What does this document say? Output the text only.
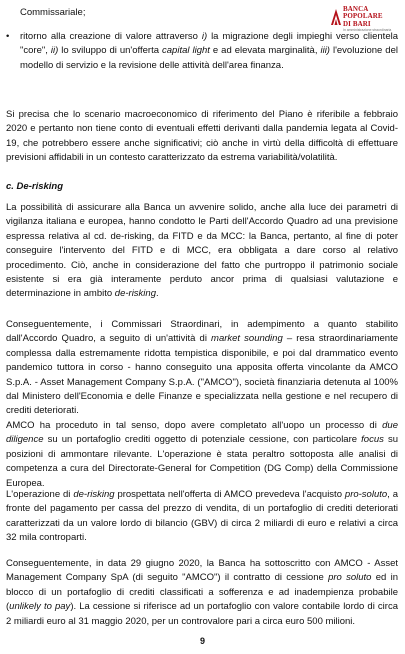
BANCA
POPOLARE
DI BARI
In amministrazione straordinaria
Commissariale;
• ritorno alla creazione di valore attraverso i) la migrazione degli impieghi verso clientela "core", ii) lo sviluppo di un'offerta capital light e ad elevata marginalità, iii) l'evoluzione del modello di servizio e la revisione delle attività dell'area finanza.

Si precisa che lo scenario macroeconomico di riferimento del Piano è riferibile a febbraio 2020 e pertanto non tiene conto di eventuali effetti derivanti dalla pandemia legata al Covid-19, che potrebbero essere anche significativi; ciò anche in virtù della difficoltà di effettuare previsioni affidabili in un contesto caratterizzato da estrema variabilità/volatilità.

c. De-risking

La possibilità di assicurare alla Banca un avvenire solido, anche alla luce dei parametri di vigilanza italiana e europea, hanno condotto le Parti dell'Accordo Quadro ad una previsione espressa relativa al cd. de-risking, da FITD e da MCC: la Banca, pertanto, al fine di poter conseguire l'intervento del FITD e di MCC, era obbligata a dare corso al relativo procedimento. Ciò, anche in considerazione del fatto che purtroppo il patrimonio sociale esistente si era già interamente perduto ancor prima di qualsiasi valutazione e determinazione in ambito de-risking.

Conseguentemente, i Commissari Straordinari, in adempimento a quanto stabilito dall'Accordo Quadro, a seguito di un'attività di market sounding – resa straordinariamente complessa dalla estremamente ridotta tempistica disponibile, e poi dal drammatico evento pandemico tuttora in corso - hanno conseguito una apposita offerta vincolante da AMCO S.p.A. - Asset Management Company S.p.A. ("AMCO"), società finanziaria detenuta al 100% dal Ministero dell'Economia e delle Finanze e specializzata nella gestione e nel recupero di crediti deteriorati.

AMCO ha proceduto in tal senso, dopo avere completato all'uopo un processo di due diligence su un portafoglio crediti oggetto di potenziale cessione, con particolare focus su posizioni di ammontare rilevante. L'operazione è stata peraltro sottoposta alle analisi di competenza a cura del Directorate-General for Competition (DG Comp) della Commissione Europea.

L'operazione di de-risking prospettata nell'offerta di AMCO prevedeva l'acquisto pro-soluto, a fronte del pagamento per cassa del prezzo di vendita, di un portafoglio di crediti deteriorati caratterizzati da un valore lordo di bilancio (GBV) di circa 2 miliardi di euro e relativi a circa 32 mila controparti.

Conseguentemente, in data 29 giugno 2020, la Banca ha sottoscritto con AMCO - Asset Management Company SpA (di seguito "AMCO") il contratto di cessione pro soluto ed in blocco di un portafoglio di crediti classificati a sofferenza e ad inadempienza probabile (unlikely to pay). La cessione si riferisce ad un portafoglio con valore contabile lordo di circa 2 miliardi euro al 31 maggio 2020, per un controvalore pari a circa euro 500 milioni.

9
